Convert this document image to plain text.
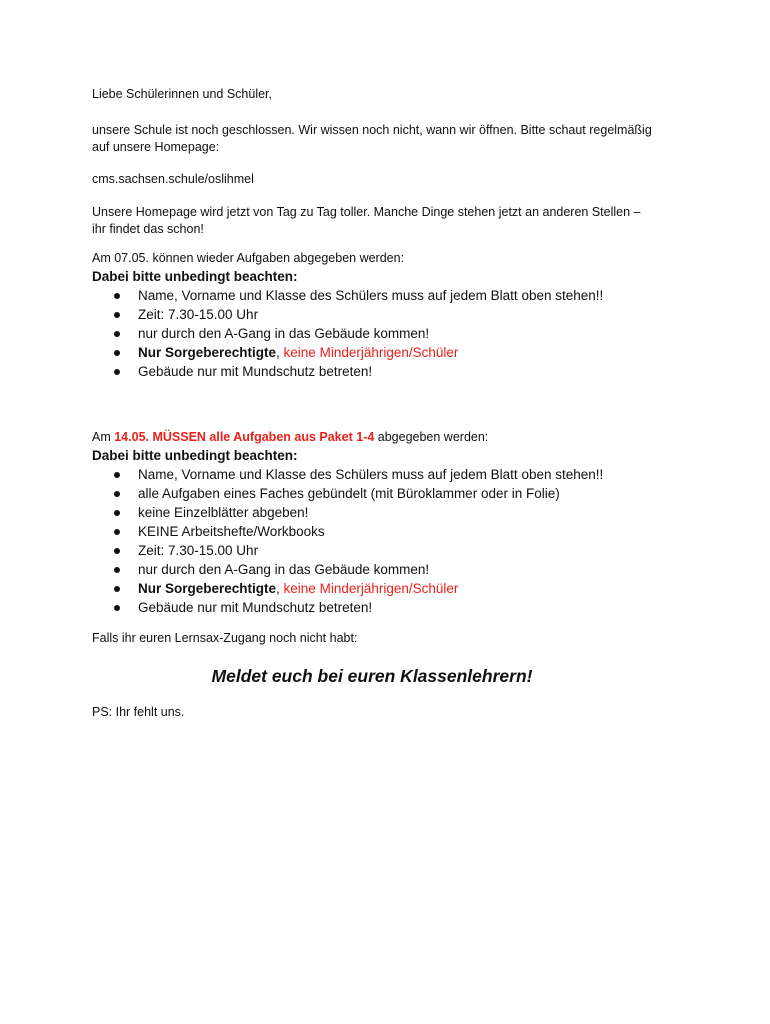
Liebe Schülerinnen und Schüler,

unsere Schule ist noch geschlossen. Wir wissen noch nicht, wann wir öffnen. Bitte schaut regelmäßig

auf unsere Homepage:

cms.sachsen.schule/oslihmel

Unsere Homepage wird jetzt von Tag zu Tag toller. Manche Dinge stehen jetzt an anderen Stellen –

ihr findet das schon!

Am 07.05. können wieder Aufgaben abgegeben werden:

Dabei bitte unbedingt beachten:

Name, Vorname und Klasse des Schülers muss auf jedem Blatt oben stehen!!
Zeit: 7.30-15.00 Uhr
nur durch den A-Gang in das Gebäude kommen!
Nur Sorgeberechtigte, keine Minderjährigen/Schüler
Gebäude nur mit Mundschutz betreten!

Am 14.05. MÜSSEN alle Aufgaben aus Paket 1-4 abgegeben werden:

Dabei bitte unbedingt beachten:

Name, Vorname und Klasse des Schülers muss auf jedem Blatt oben stehen!!
alle Aufgaben eines Faches gebündelt (mit Büroklammer oder in Folie)
keine Einzelblätter abgeben!
KEINE Arbeitshefte/Workbooks
Zeit: 7.30-15.00 Uhr
nur durch den A-Gang in das Gebäude kommen!
Nur Sorgeberechtigte, keine Minderjährigen/Schüler
Gebäude nur mit Mundschutz betreten!

Falls ihr euren Lernsax-Zugang noch nicht habt:

Meldet euch bei euren Klassenlehrern!

PS: Ihr fehlt uns.
